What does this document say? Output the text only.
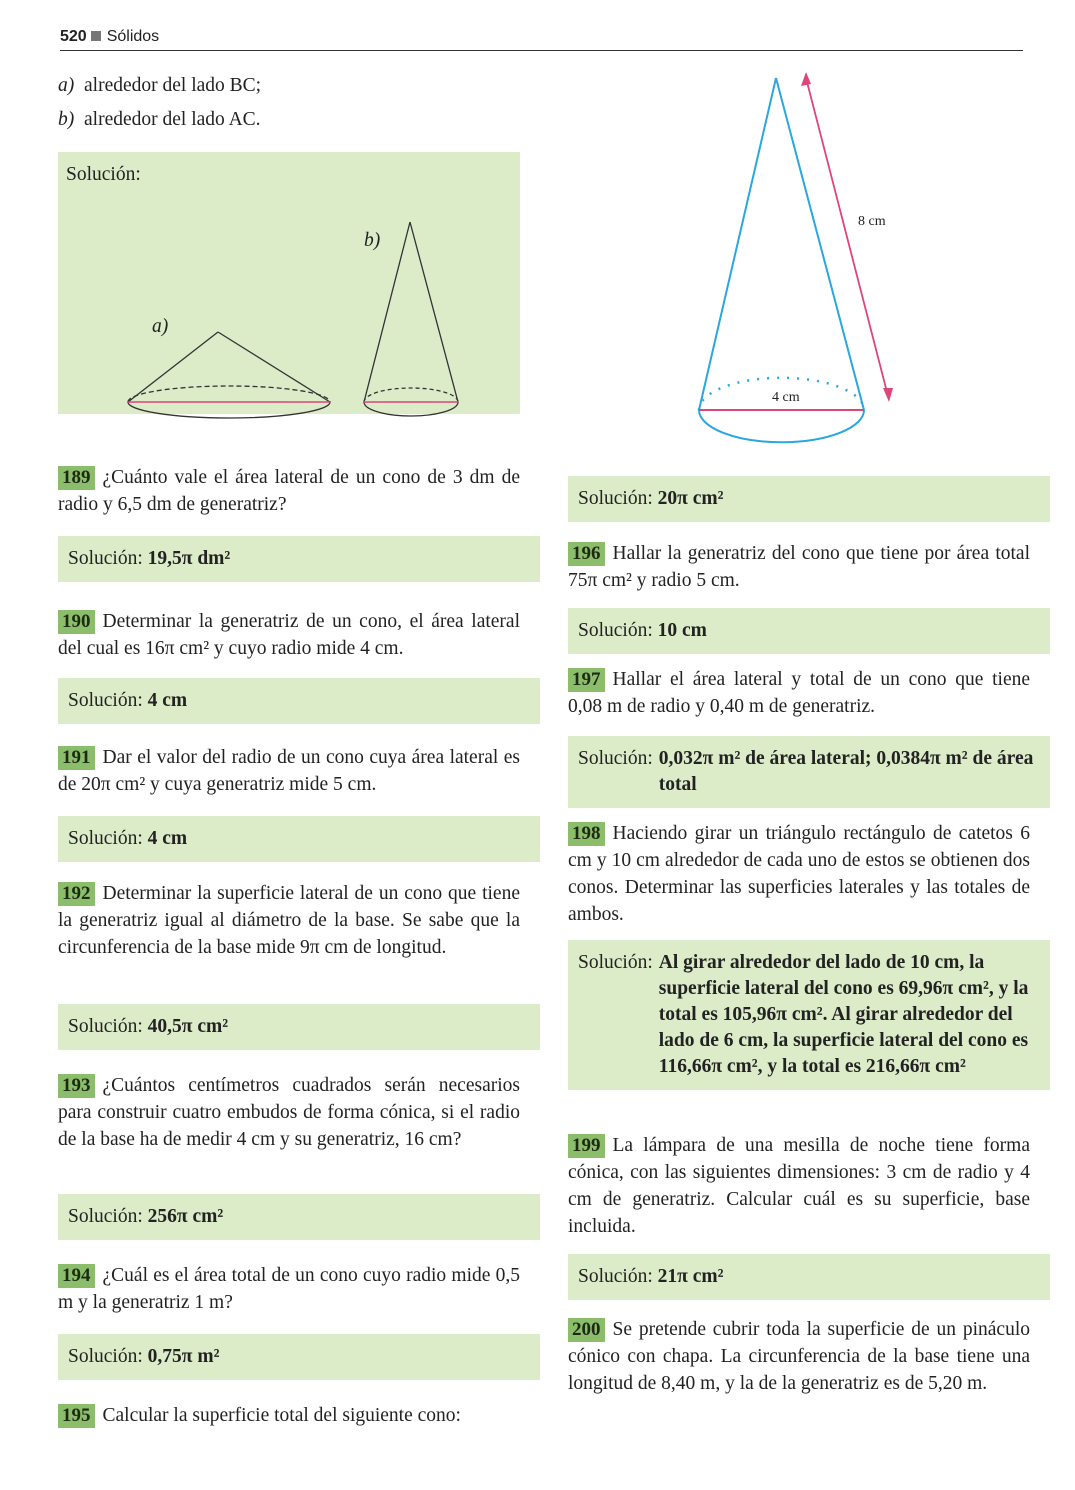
520 Sólidos
a) alrededor del lado BC;
b) alrededor del lado AC.
Solución:
a)
b)
189 ¿Cuánto vale el área lateral de un cono de 3 dm de radio y 6,5 dm de generatriz?
Solución: 19,5π dm²
190 Determinar la generatriz de un cono, el área lateral del cual es 16π cm² y cuyo radio mide 4 cm.
Solución: 4 cm
191 Dar el valor del radio de un cono cuya área lateral es de 20π cm² y cuya generatriz mide 5 cm.
Solución: 4 cm
192 Determinar la superficie lateral de un cono que tiene la generatriz igual al diámetro de la base. Se sabe que la circunferencia de la base mide 9π cm de longitud.
Solución: 40,5π cm²
193 ¿Cuántos centímetros cuadrados serán necesarios para construir cuatro embudos de forma cónica, si el radio de la base ha de medir 4 cm y su generatriz, 16 cm?
Solución: 256π cm²
194 ¿Cuál es el área total de un cono cuyo radio mide 0,5 m y la generatriz 1 m?
Solución: 0,75π m²
195 Calcular la superficie total del siguiente cono:
8 cm
4 cm
Solución: 20π cm²
196 Hallar la generatriz del cono que tiene por área total 75π cm² y radio 5 cm.
Solución: 10 cm
197 Hallar el área lateral y total de un cono que tiene 0,08 m de radio y 0,40 m de generatriz.
Solución: 0,032π m² de área lateral; 0,0384π m² de área total
198 Haciendo girar un triángulo rectángulo de catetos 6 cm y 10 cm alrededor de cada uno de estos se obtienen dos conos. Determinar las superficies laterales y las totales de ambos.
Solución: Al girar alrededor del lado de 10 cm, la superficie lateral del cono es 69,96π cm², y la total es 105,96π cm². Al girar alrededor del lado de 6 cm, la superficie lateral del cono es 116,66π cm², y la total es 216,66π cm²
199 La lámpara de una mesilla de noche tiene forma cónica, con las siguientes dimensiones: 3 cm de radio y 4 cm de generatriz. Calcular cuál es su superficie, base incluida.
Solución: 21π cm²
200 Se pretende cubrir toda la superficie de un pináculo cónico con chapa. La circunferencia de la base tiene una longitud de 8,40 m, y la de la generatriz es de 5,20 m.
